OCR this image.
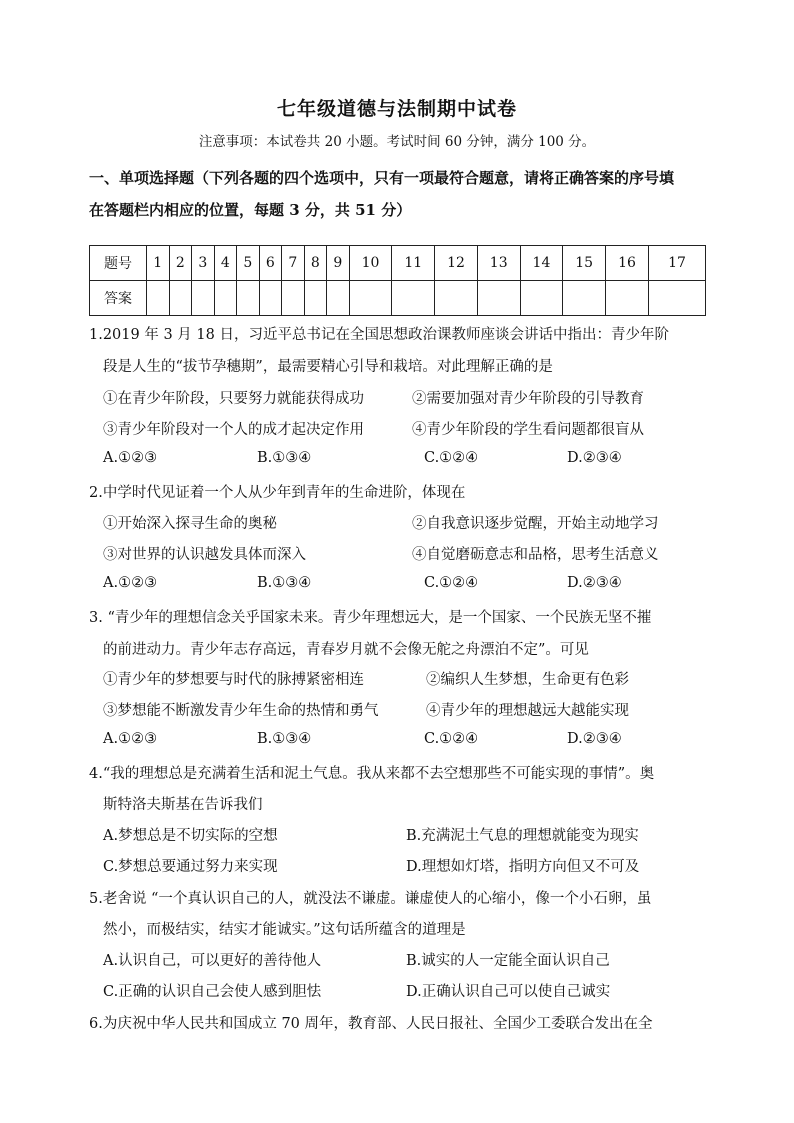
七年级道德与法制期中试卷
注意事项：本试卷共 20 小题。考试时间 60 分钟，满分 100 分。
一、单项选择题（下列各题的四个选项中，只有一项最符合题意，请将正确答案的序号填
在答题栏内相应的位置，每题 3 分，共 51 分）
题号	1	2	3	4	5	6	7	8	9	10	11	12	13	14	15	16	17
答案																	
1.2019 年 3 月 18 日，习近平总书记在全国思想政治课教师座谈会讲话中指出：青少年阶
段是人生的“拔节孕穗期”，最需要精心引导和栽培。对此理解正确的是
①在青少年阶段，只要努力就能获得成功	②需要加强对青少年阶段的引导教育
③青少年阶段对一个人的成才起决定作用	④青少年阶段的学生看问题都很盲从
A.①②③	B.①③④	C.①②④	D.②③④
2.中学时代见证着一个人从少年到青年的生命进阶，体现在
①开始深入探寻生命的奥秘	②自我意识逐步觉醒，开始主动地学习
③对世界的认识越发具体而深入	④自觉磨砺意志和品格，思考生活意义
A.①②③	B.①③④	C.①②④	D.②③④
3. “青少年的理想信念关乎国家未来。青少年理想远大，是一个国家、一个民族无坚不摧
的前进动力。青少年志存高远，青春岁月就不会像无舵之舟漂泊不定”。可见
①青少年的梦想要与时代的脉搏紧密相连	②编织人生梦想，生命更有色彩
③梦想能不断激发青少年生命的热情和勇气	④青少年的理想越远大越能实现
A.①②③	B.①③④	C.①②④	D.②③④
4.“我的理想总是充满着生活和泥土气息。我从来都不去空想那些不可能实现的事情”。奥
斯特洛夫斯基在告诉我们
A.梦想总是不切实际的空想	B.充满泥土气息的理想就能变为现实
C.梦想总要通过努力来实现	D.理想如灯塔，指明方向但又不可及
5.老舍说 “一个真认识自己的人，就没法不谦虚。谦虚使人的心缩小，像一个小石卵，虽
然小，而极结实，结实才能诚实。”这句话所蕴含的道理是
A.认识自己，可以更好的善待他人	B.诚实的人一定能全面认识自己
C.正确的认识自己会使人感到胆怯	D.正确认识自己可以使自己诚实
6.为庆祝中华人民共和国成立 70 周年，教育部、人民日报社、全国少工委联合发出在全
